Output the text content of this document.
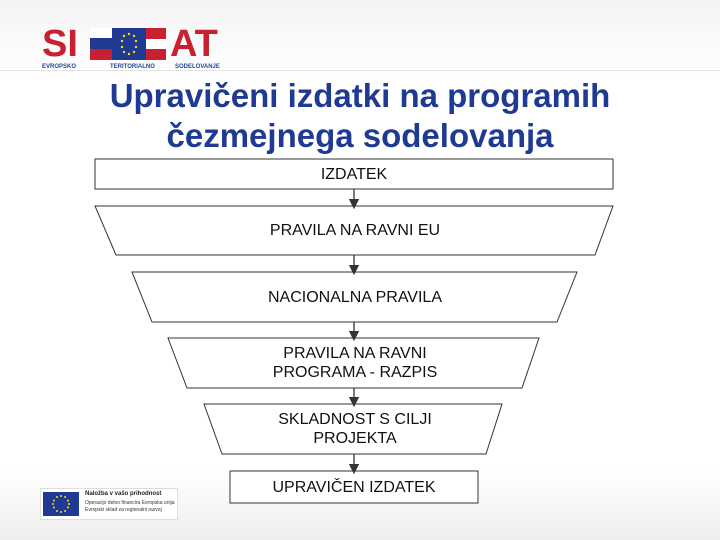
SI AT
EVROPSKO	TERITORIALNO	SODELOVANJE
Upravičeni izdatki na programih
čezmejnega sodelovanja
IZDATEK
PRAVILA NA RAVNI EU
NACIONALNA PRAVILA
PRAVILA NA RAVNI PROGRAMA - RAZPIS
SKLADNOST S CILJI PROJEKTA
UPRAVIČEN IZDATEK
Naložba v vašo prihodnost
Operacijo delno financira Evropska unija
Evropski sklad za regionalni razvoj
